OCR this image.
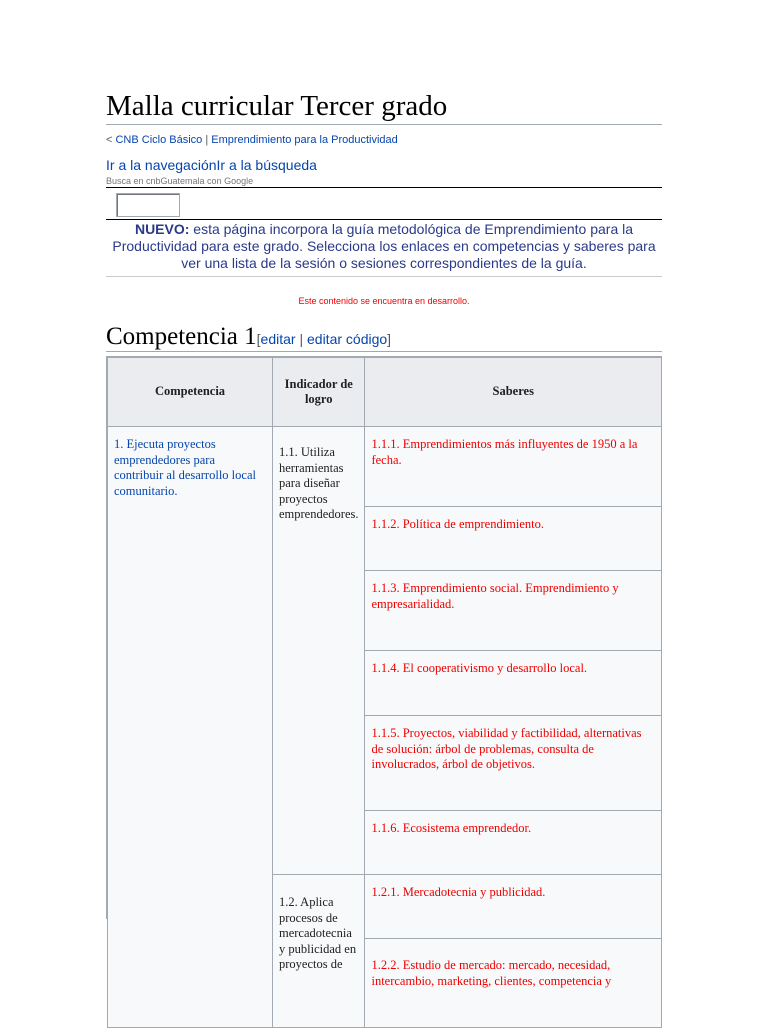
Malla curricular Tercer grado
< CNB Ciclo Básico | Emprendimiento para la Productividad
Ir a la navegaciónIr a la búsqueda
Busca en cnbGuatemala con Google
NUEVO: esta página incorpora la guía metodológica de Emprendimiento para la Productividad para este grado. Selecciona los enlaces en competencias y saberes para ver una lista de la sesión o sesiones correspondientes de la guía.
Este contenido se encuentra en desarrollo.
Competencia 1[editar | editar código]
Competencia	Indicador de logro	Saberes
1. Ejecuta proyectos emprendedores para contribuir al desarrollo local comunitario.	1.1. Utiliza herramientas para diseñar proyectos emprendedores.	1.1.1. Emprendimientos más influyentes de 1950 a la fecha.
		1.1.2. Política de emprendimiento.
		1.1.3. Emprendimiento social. Emprendimiento y empresarialidad.
		1.1.4. El cooperativismo y desarrollo local.
		1.1.5. Proyectos, viabilidad y factibilidad, alternativas de solución: árbol de problemas, consulta de involucrados, árbol de objetivos.
		1.1.6. Ecosistema emprendedor.
	1.2. Aplica procesos de mercadotecnia y publicidad en proyectos de	1.2.1. Mercadotecnia y publicidad.
		1.2.2. Estudio de mercado: mercado, necesidad, intercambio, marketing, clientes, competencia y
